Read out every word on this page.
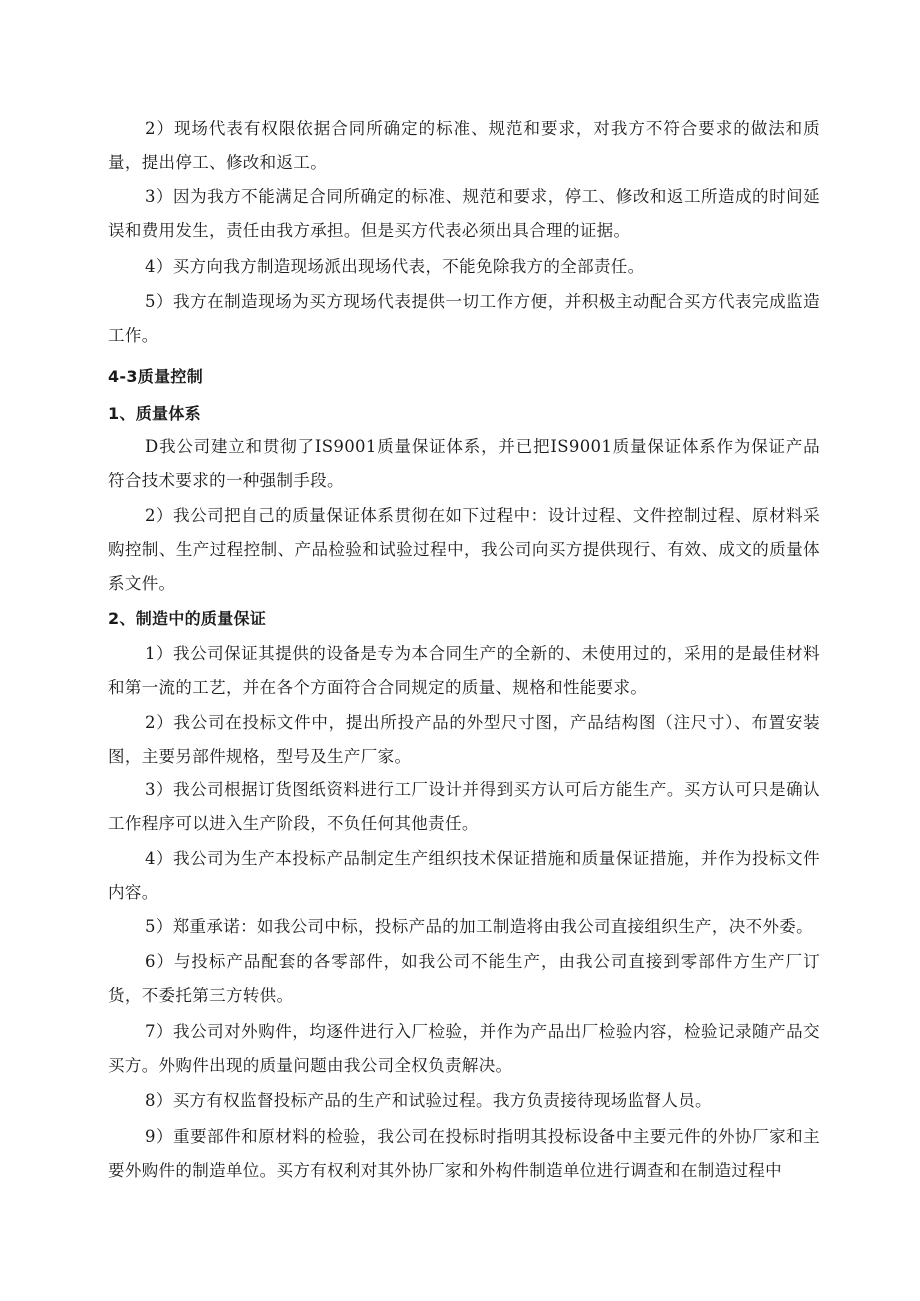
2）现场代表有权限依据合同所确定的标准、规范和要求，对我方不符合要求的做法和质量，提出停工、修改和返工。

3）因为我方不能满足合同所确定的标准、规范和要求，停工、修改和返工所造成的时间延误和费用发生，责任由我方承担。但是买方代表必须出具合理的证据。

4）买方向我方制造现场派出现场代表，不能免除我方的全部责任。

5）我方在制造现场为买方现场代表提供一切工作方便，并积极主动配合买方代表完成监造工作。

4-3质量控制
1、质量体系

D我公司建立和贯彻了IS9001质量保证体系，并已把IS9001质量保证体系作为保证产品符合技术要求的一种强制手段。

2）我公司把自己的质量保证体系贯彻在如下过程中：设计过程、文件控制过程、原材料采购控制、生产过程控制、产品检验和试验过程中，我公司向买方提供现行、有效、成文的质量体系文件。

2、制造中的质量保证

1）我公司保证其提供的设备是专为本合同生产的全新的、未使用过的，采用的是最佳材料和第一流的工艺，并在各个方面符合合同规定的质量、规格和性能要求。

2）我公司在投标文件中，提出所投产品的外型尺寸图，产品结构图（注尺寸）、布置安装图，主要另部件规格，型号及生产厂家。

3）我公司根据订货图纸资料进行工厂设计并得到买方认可后方能生产。买方认可只是确认工作程序可以进入生产阶段，不负任何其他责任。

4）我公司为生产本投标产品制定生产组织技术保证措施和质量保证措施，并作为投标文件内容。

5）郑重承诺：如我公司中标，投标产品的加工制造将由我公司直接组织生产，决不外委。

6）与投标产品配套的各零部件，如我公司不能生产，由我公司直接到零部件方生产厂订货，不委托第三方转供。

7）我公司对外购件，均逐件进行入厂检验，并作为产品出厂检验内容，检验记录随产品交买方。外购件出现的质量问题由我公司全权负责解决。

8）买方有权监督投标产品的生产和试验过程。我方负责接待现场监督人员。

9）重要部件和原材料的检验，我公司在投标时指明其投标设备中主要元件的外协厂家和主要外购件的制造单位。买方有权利对其外协厂家和外构件制造单位进行调查和在制造过程中
